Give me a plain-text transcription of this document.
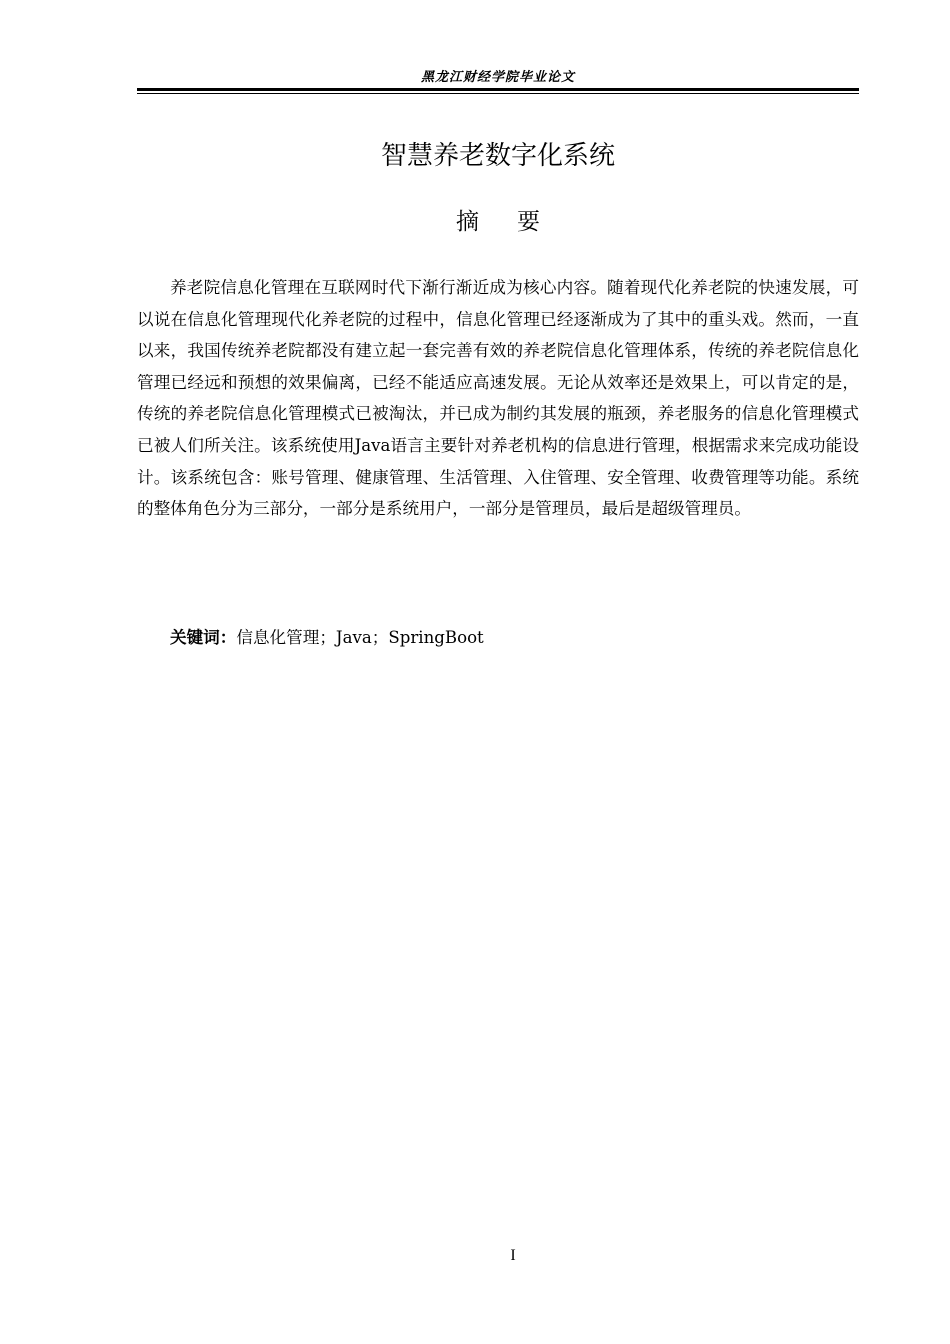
黑龙江财经学院毕业论文
智慧养老数字化系统
摘要

养老院信息化管理在互联网时代下渐行渐近成为核心内容。随着现代化养老院的快速发展，可以说在信息化管理现代化养老院的过程中，信息化管理已经逐渐成为了其中的重头戏。然而，一直以来，我国传统养老院都没有建立起一套完善有效的养老院信息化管理体系，传统的养老院信息化管理已经远和预想的效果偏离，已经不能适应高速发展。无论从效率还是效果上，可以肯定的是，传统的养老院信息化管理模式已被淘汰，并已成为制约其发展的瓶颈，养老服务的信息化管理模式已被人们所关注。该系统使用Java语言主要针对养老机构的信息进行管理，根据需求来完成功能设计。该系统包含：账号管理、健康管理、生活管理、入住管理、安全管理、收费管理等功能。系统的整体角色分为三部分，一部分是系统用户，一部分是管理员，最后是超级管理员。

关键词：信息化管理；Java；SpringBoot
I
